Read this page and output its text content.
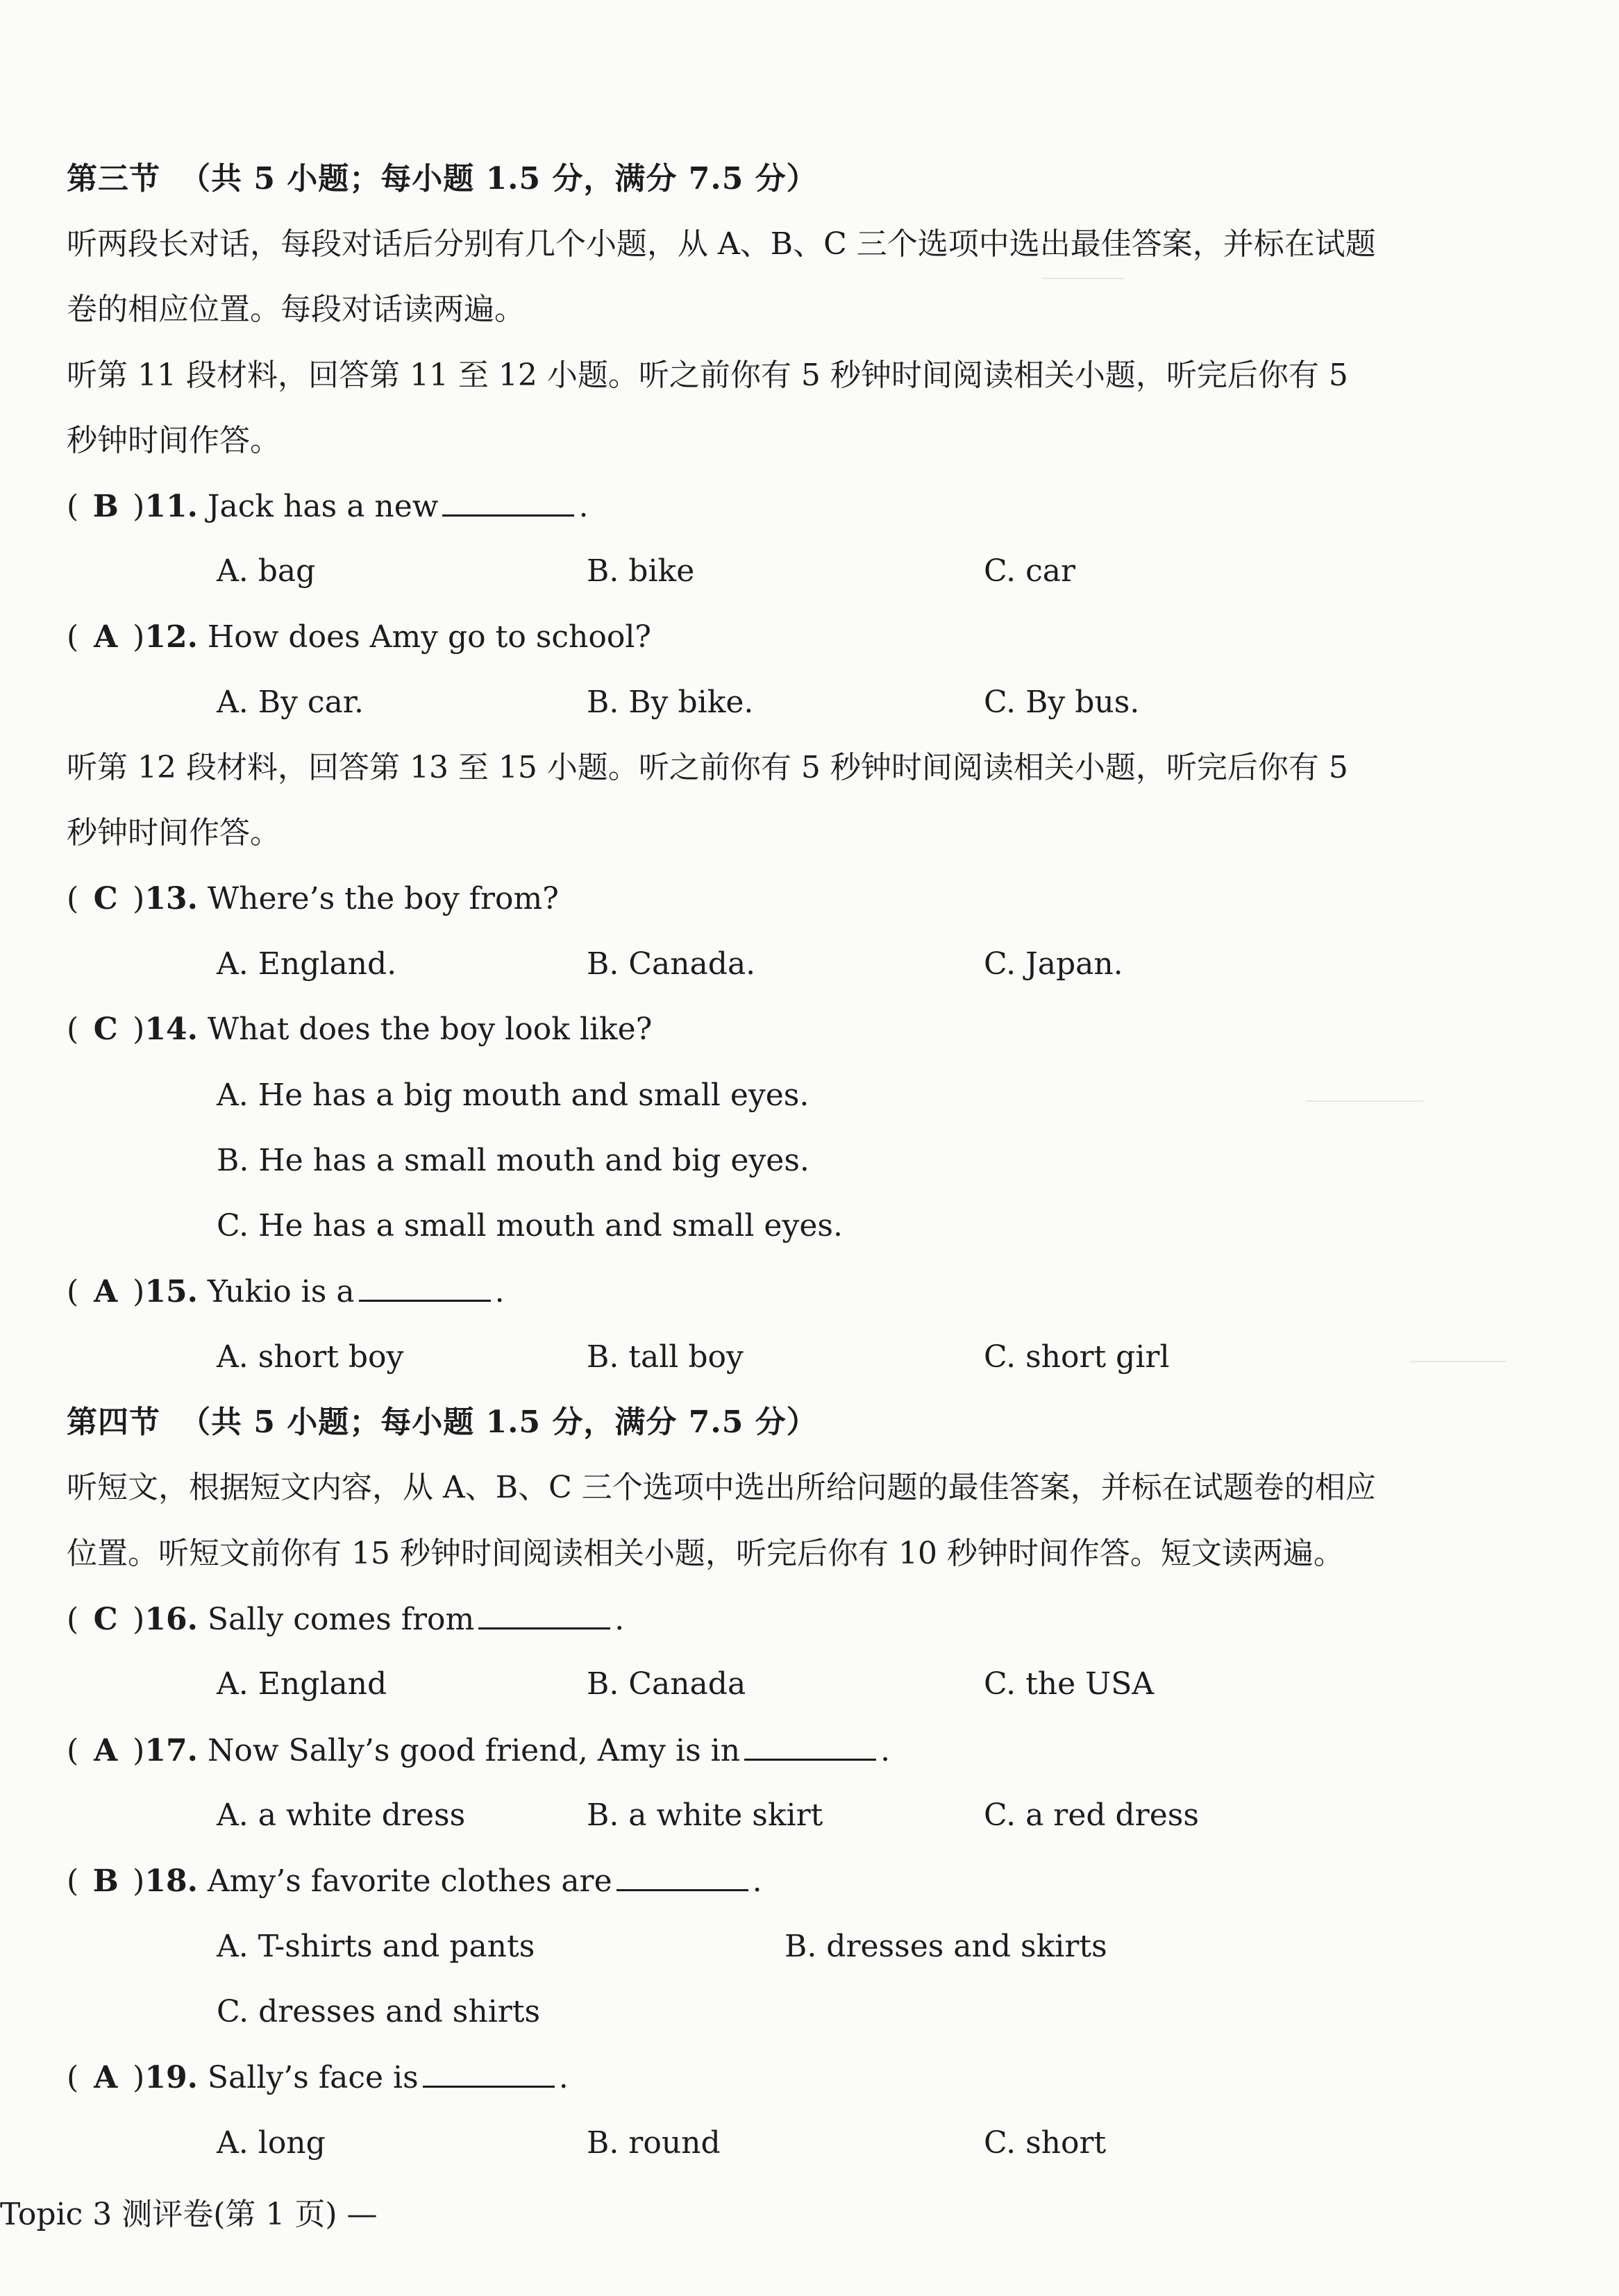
第三节 （共 5 小题；每小题 1.5 分，满分 7.5 分）
听两段长对话，每段对话后分别有几个小题，从 A、B、C 三个选项中选出最佳答案，并标在试题
卷的相应位置。每段对话读两遍。
听第 11 段材料，回答第 11 至 12 小题。听之前你有 5 秒钟时间阅读相关小题，听完后你有 5
秒钟时间作答。
( B )11. Jack has a new	.
A. bag	B. bike	C. car
( A )12. How does Amy go to school?
A. By car.	B. By bike.	C. By bus.
听第 12 段材料，回答第 13 至 15 小题。听之前你有 5 秒钟时间阅读相关小题，听完后你有 5
秒钟时间作答。
( C )13. Where’s the boy from?
A. England.	B. Canada.	C. Japan.
( C )14. What does the boy look like?
A. He has a big mouth and small eyes.
B. He has a small mouth and big eyes.
C. He has a small mouth and small eyes.
( A )15. Yukio is a	.
A. short boy	B. tall boy	C. short girl
第四节 （共 5 小题；每小题 1.5 分，满分 7.5 分）
听短文，根据短文内容，从 A、B、C 三个选项中选出所给问题的最佳答案，并标在试题卷的相应
位置。听短文前你有 15 秒钟时间阅读相关小题，听完后你有 10 秒钟时间作答。短文读两遍。
( C )16. Sally comes from	.
A. England	B. Canada	C. the USA
( A )17. Now Sally’s good friend, Amy is in	.
A. a white dress	B. a white skirt	C. a red dress
( B )18. Amy’s favorite clothes are	.
A. T-shirts and pants	B. dresses and skirts
C. dresses and shirts
( A )19. Sally’s face is	.
A. long	B. round	C. short
Topic 3 测评卷(第 1 页) —
